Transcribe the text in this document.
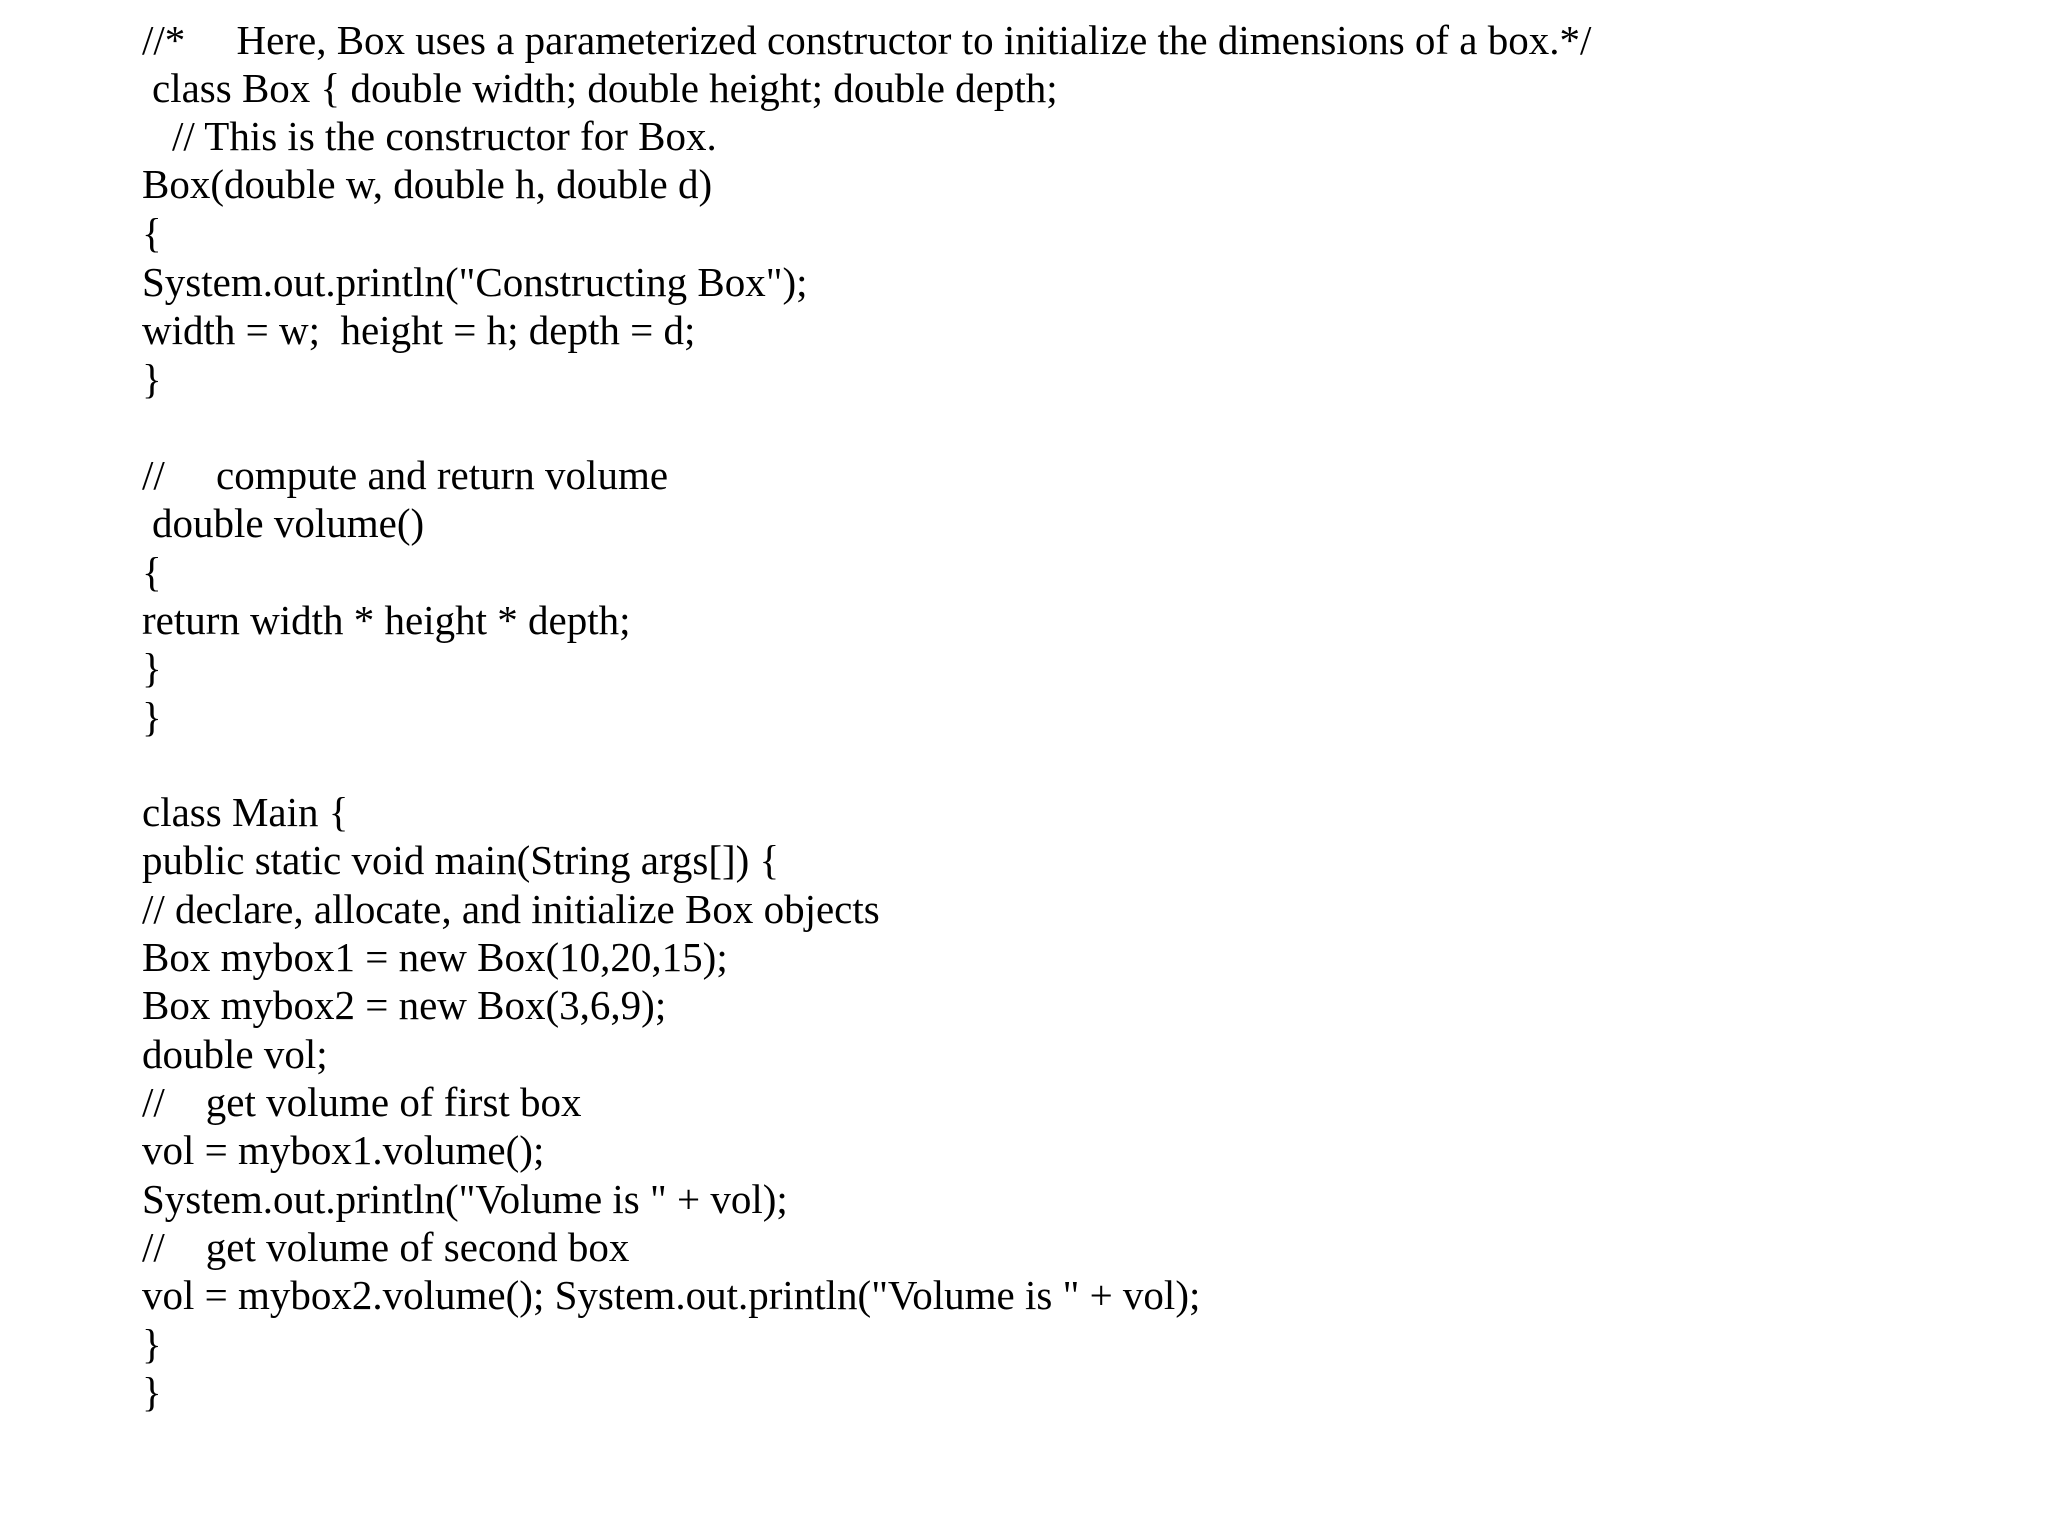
//*     Here, Box uses a parameterized constructor to initialize the dimensions of a box.*/
class Box { double width; double height; double depth;
// This is the constructor for Box.
Box(double w, double h, double d)
{
System.out.println("Constructing Box");
width = w;  height = h; depth = d;
}
//     compute and return volume
double volume()
{
return width * height * depth;
}
}
class Main {
public static void main(String args[]) {
// declare, allocate, and initialize Box objects
Box mybox1 = new Box(10,20,15);
Box mybox2 = new Box(3,6,9);
double vol;
//    get volume of first box
vol = mybox1.volume();
System.out.println("Volume is " + vol);
//    get volume of second box
vol = mybox2.volume(); System.out.println("Volume is " + vol);
}
}
